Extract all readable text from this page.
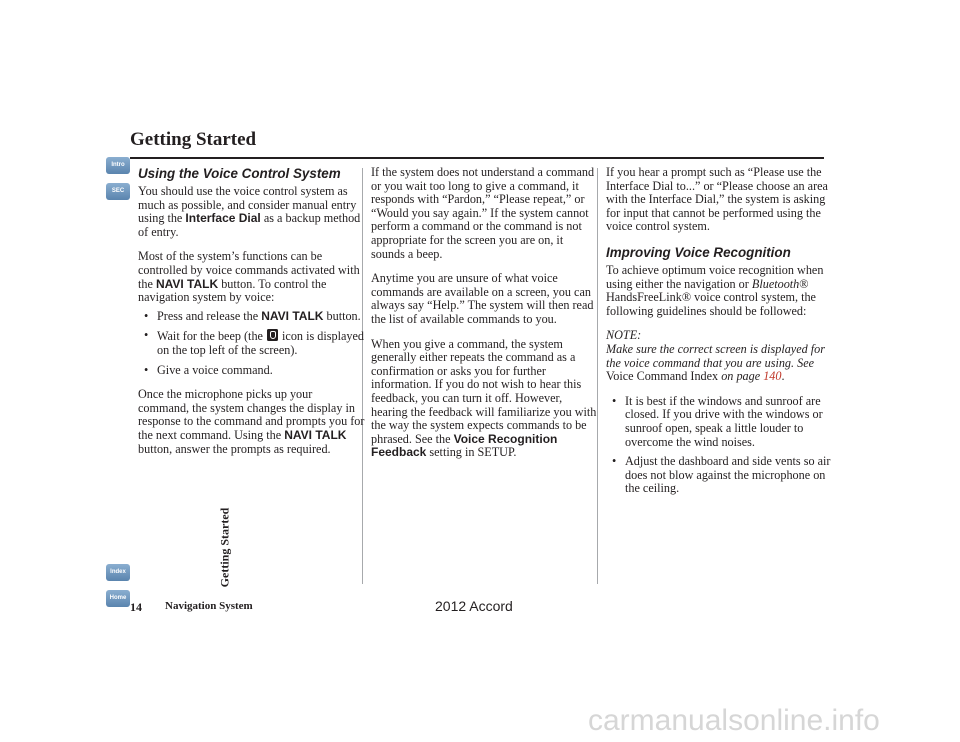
Getting Started
Intro
SEC
Index
Home
Getting Started
Using the Voice Control System

You should use the voice control system as much as possible, and consider manual entry using the Interface Dial as a backup method of entry.

Most of the system’s functions can be controlled by voice commands activated with the NAVI TALK button. To control the navigation system by voice:

• Press and release the NAVI TALK button.
• Wait for the beep (the  icon is displayed on the top left of the screen).
• Give a voice command.

Once the microphone picks up your command, the system changes the display in response to the command and prompts you for the next command. Using the NAVI TALK button, answer the prompts as required.

If the system does not understand a command or you wait too long to give a command, it responds with “Pardon,” “Please repeat,” or “Would you say again.” If the system cannot perform a command or the command is not appropriate for the screen you are on, it sounds a beep.

Anytime you are unsure of what voice commands are available on a screen, you can always say “Help.” The system will then read the list of available commands to you.

When you give a command, the system generally either repeats the command as a confirmation or asks you for further information. If you do not wish to hear this feedback, you can turn it off. However, hearing the feedback will familiarize you with the way the system expects commands to be phrased. See the Voice Recognition Feedback setting in SETUP.

If you hear a prompt such as “Please use the Interface Dial to...” or “Please choose an area with the Interface Dial,” the system is asking for input that cannot be performed using the voice control system.

Improving Voice Recognition

To achieve optimum voice recognition when using either the navigation or Bluetooth® HandsFreeLink® voice control system, the following guidelines should be followed:

NOTE:

Make sure the correct screen is displayed for the voice command that you are using. See Voice Command Index on page 140.

• It is best if the windows and sunroof are closed. If you drive with the windows or sunroof open, speak a little louder to overcome the wind noises.
• Adjust the dashboard and side vents so air does not blow against the microphone on the ceiling.
14 Navigation System	2012 Accord
carmanualsonline.info
